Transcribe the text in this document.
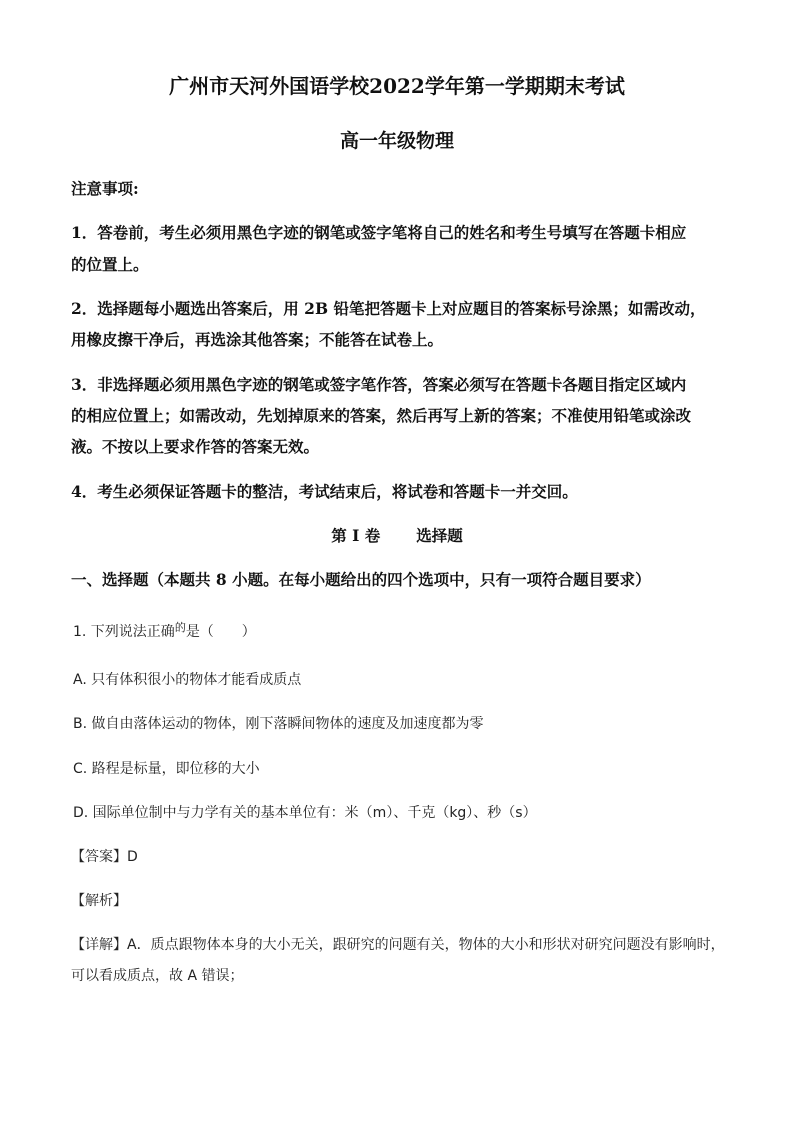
广州市天河外国语学校2022学年第一学期期末考试
高一年级物理
注意事项:
1．答卷前，考生必须用黑色字迹的钢笔或签字笔将自己的姓名和考生号填写在答题卡相应
的位置上。
2．选择题每小题选出答案后，用 2B 铅笔把答题卡上对应题目的答案标号涂黑；如需改动，
用橡皮擦干净后，再选涂其他答案；不能答在试卷上。
3．非选择题必须用黑色字迹的钢笔或签字笔作答，答案必须写在答题卡各题目指定区域内
的相应位置上；如需改动，先划掉原来的答案，然后再写上新的答案；不准使用铅笔或涂改
液。不按以上要求作答的答案无效。
4．考生必须保证答题卡的整洁，考试结束后，将试卷和答题卡一并交回。
第 I 卷 选择题
一、选择题（本题共 8 小题。在每小题给出的四个选项中，只有一项符合题目要求）
1. 下列说法正确$^的$是（　　）
A. 只有体积很小的物体才能看成质点
B. 做自由落体运动的物体，刚下落瞬间物体的速度及加速度都为零
C. 路程是标量，即位移的大小
D. 国际单位制中与力学有关的基本单位有：米（m）、千克（kg）、秒（s）
【答案】D
【解析】
【详解】A．质点跟物体本身的大小无关，跟研究的问题有关，物体的大小和形状对研究问题没有影响时，
可以看成质点，故 A 错误；
